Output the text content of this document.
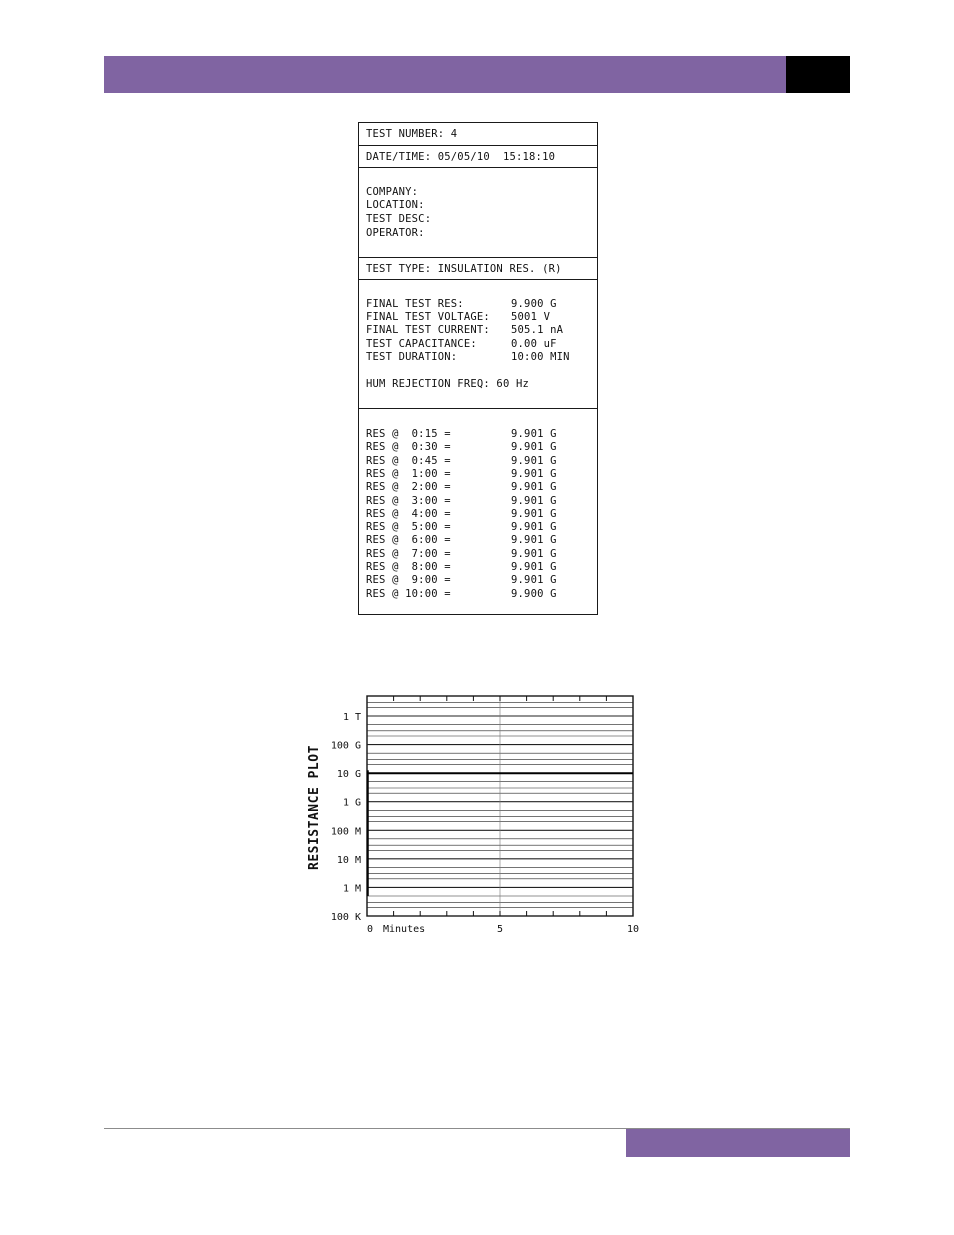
TEST NUMBER: 4
DATE/TIME: 05/05/10  15:18:10
COMPANY:
LOCATION:
TEST DESC:
OPERATOR:
TEST TYPE: INSULATION RES. (R)
FINAL TEST RES:	9.900 G
FINAL TEST VOLTAGE: 5001 V
FINAL TEST CURRENT: 505.1 nA
TEST CAPACITANCE:	0.00 uF
TEST DURATION:	10:00 MIN
HUM REJECTION FREQ: 60 Hz
RES @  0:15 =	9.901 G
RES @  0:30 =	9.901 G
RES @  0:45 =	9.901 G
RES @  1:00 =	9.901 G
RES @  2:00 =	9.901 G
RES @  3:00 =	9.901 G
RES @  4:00 =	9.901 G
RES @  5:00 =	9.901 G
RES @  6:00 =	9.901 G
RES @  7:00 =	9.901 G
RES @  8:00 =	9.901 G
RES @  9:00 =	9.901 G
RES @ 10:00 =	9.900 G
1 T
100 G
10 G
1 G
100 M
10 M
1 M
100 K
0	5	10
Minutes
RESISTANCE PLOT
